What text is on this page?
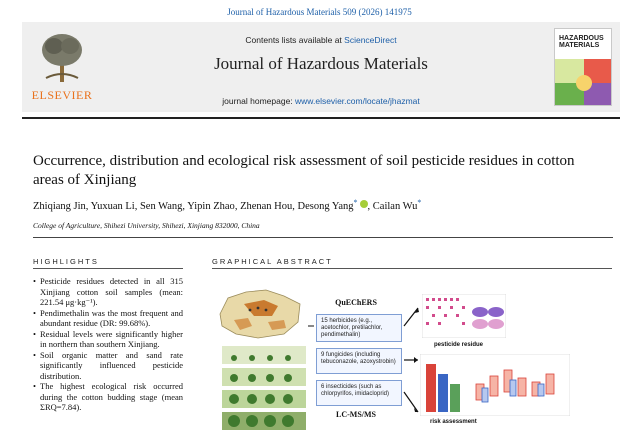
Journal of Hazardous Materials 509 (2026) 141975
ELSEVIER
Contents lists available at ScienceDirect
Journal of Hazardous Materials
journal homepage: www.elsevier.com/locate/jhazmat
HAZARDOUS
MATERIALS
Occurrence, distribution and ecological risk assessment of soil pesticide residues in cotton areas of Xinjiang
Zhiqiang Jin, Yuxuan Li, Sen Wang, Yipin Zhao, Zhenan Hou, Desong Yang* , Cailan Wu*
College of Agriculture, Shihezi University, Shihezi, Xinjiang 832000, China
HIGHLIGHTS	GRAPHICAL ABSTRACT
• Pesticide residues detected in all 315 Xinjiang cotton soil samples (mean: 221.54 μg·kg⁻¹).
• Pendimethalin was the most frequent and abundant residue (DR: 99.68%).
• Residual levels were significantly higher in northern than southern Xinjiang.
• Soil organic matter and sand rate significantly influenced pesticide distribution.
• The highest ecological risk occurred during the cotton budding stage (mean ΣRQ=7.84).
QuEChERS
15 herbicides (e.g., acetochlor, pretilachlor, pendimethalin)
9 fungicides (including tebuconazole, azoxystrobin)
6 insecticides (such as chlorpyrifos, imidacloprid)
LC-MS/MS
pesticide residue
risk assessment
